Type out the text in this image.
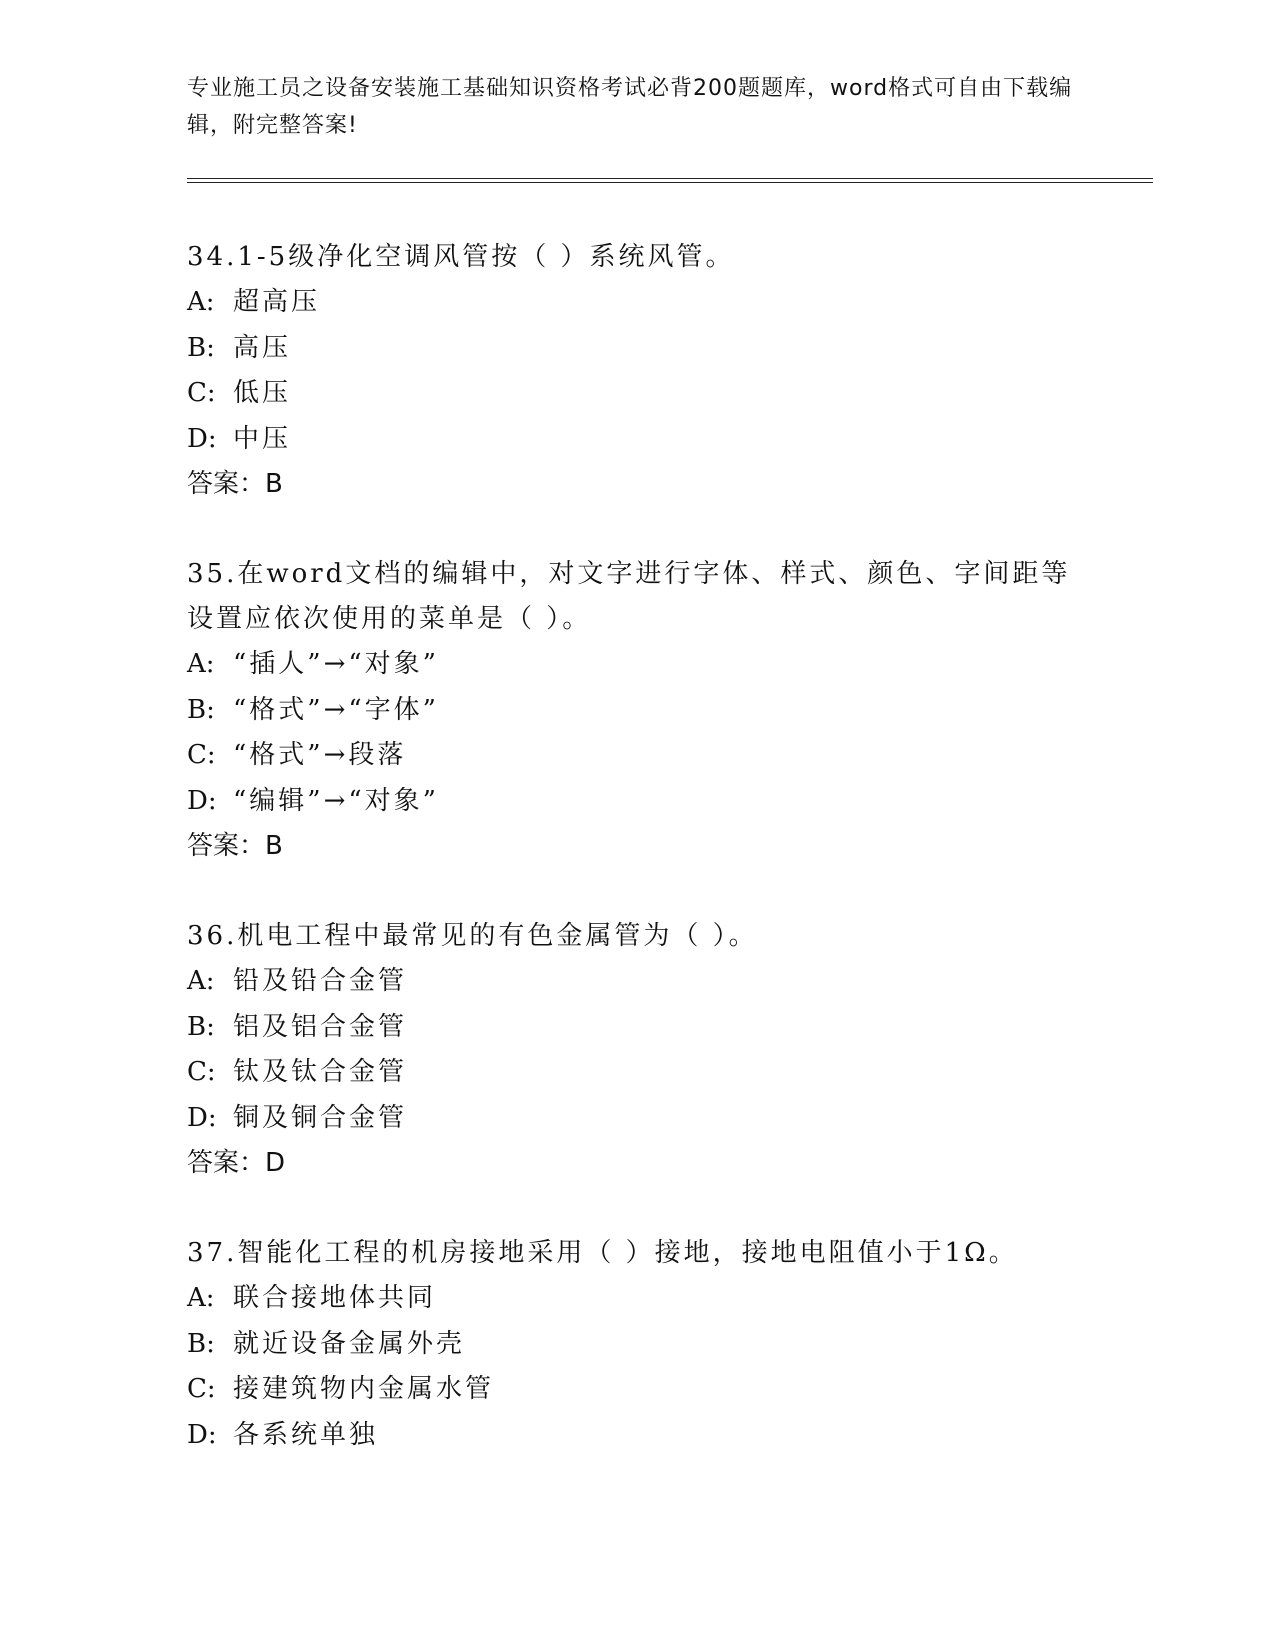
专业施工员之设备安装施工基础知识资格考试必背200题题库，word格式可自由下载编辑，附完整答案!
34.1-5级净化空调风管按（ ）系统风管。
A: 超高压
B: 高压
C: 低压
D: 中压
答案：B
35.在word文档的编辑中，对文字进行字体、样式、颜色、字间距等设置应依次使用的菜单是（ ）。
A: “插人”→“对象”
B: “格式”→“字体”
C: “格式”→段落
D: “编辑”→“对象”
答案：B
36.机电工程中最常见的有色金属管为（ ）。
A: 铅及铅合金管
B: 铝及铝合金管
C: 钛及钛合金管
D: 铜及铜合金管
答案：D
37.智能化工程的机房接地采用（ ）接地，接地电阻值小于1Ω。
A: 联合接地体共同
B: 就近设备金属外壳
C: 接建筑物内金属水管
D: 各系统单独
